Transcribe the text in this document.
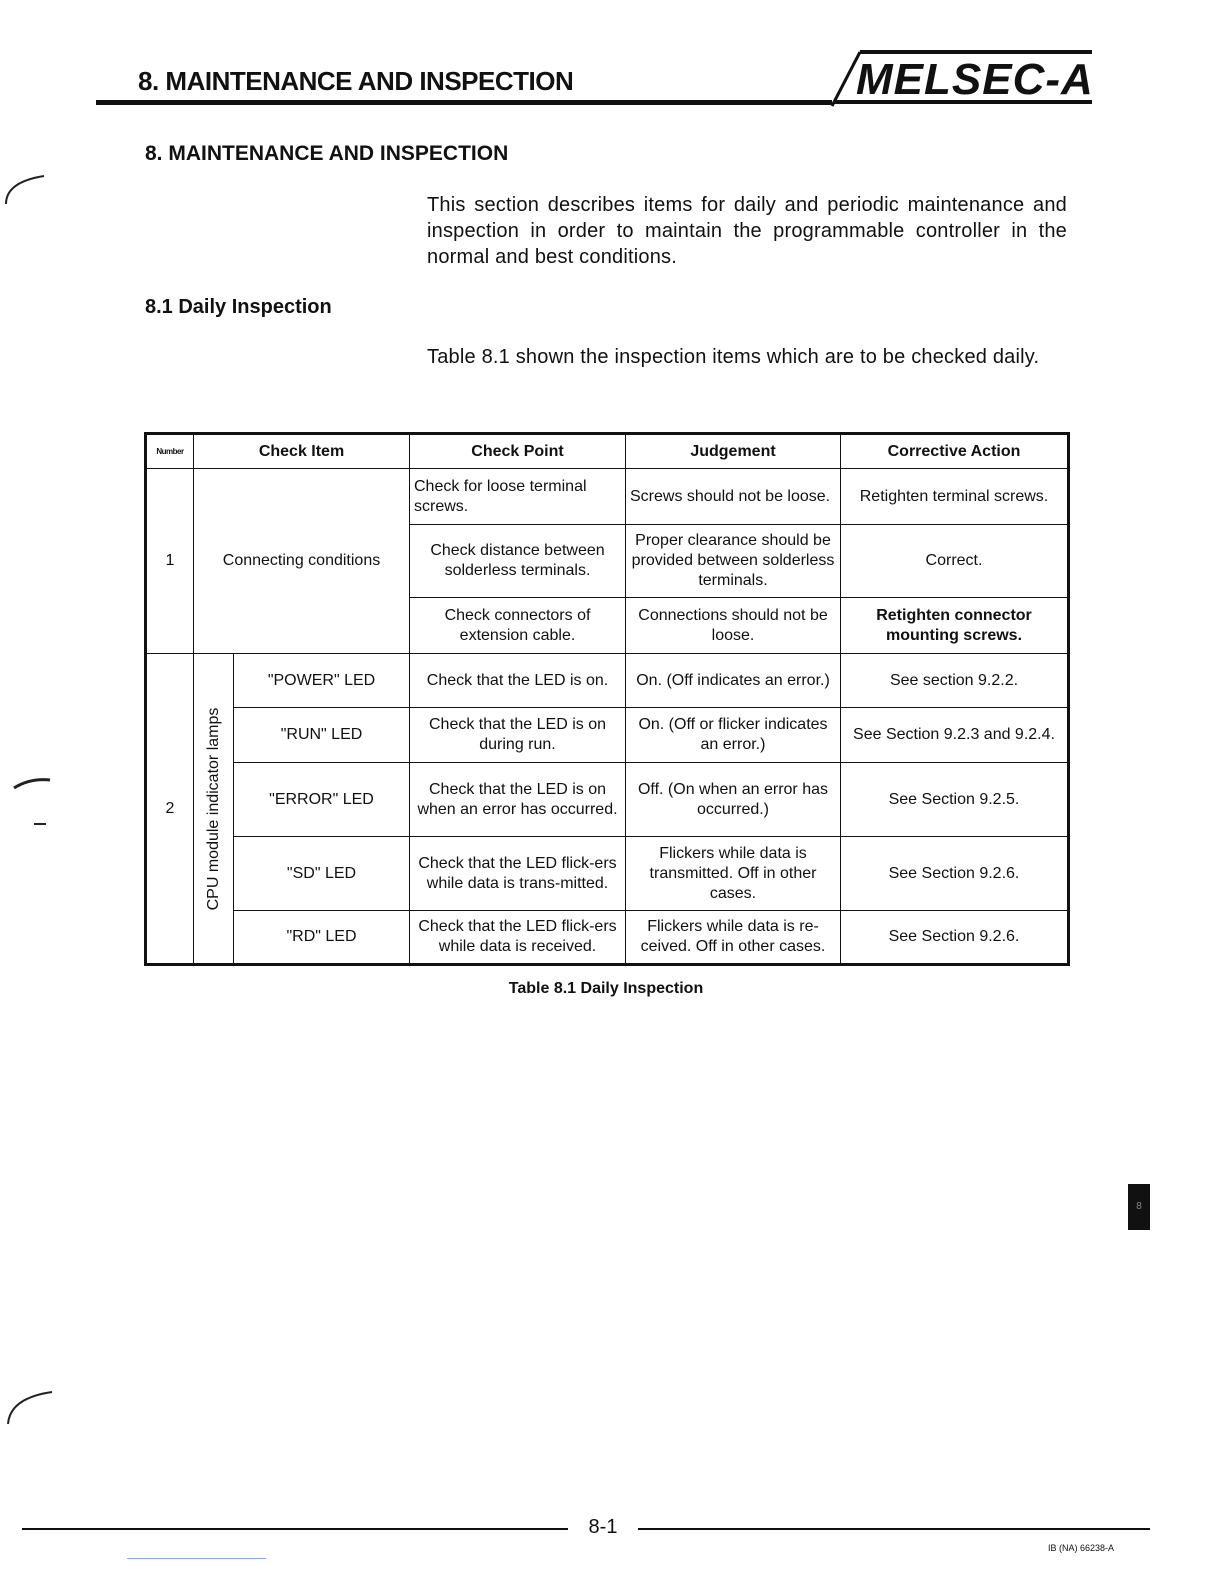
8. MAINTENANCE AND INSPECTION	MELSEC-A
8. MAINTENANCE AND INSPECTION
This section describes items for daily and periodic maintenance and inspection in order to maintain the programmable controller in the normal and best conditions.
8.1 Daily Inspection
Table 8.1 shown the inspection items which are to be checked daily.
Number	Check Item		Check Point	Judgement	Corrective Action
1	Connecting conditions		Check for loose terminal screws.	Screws should not be loose.	Retighten terminal screws.
			Check distance between solderless terminals.	Proper clearance should be provided between solderless terminals.	Correct.
			Check connectors of extension cable.	Connections should not be loose.	Retighten connector mounting screws.
2	CPU module indicator lamps	"POWER" LED	Check that the LED is on.	On. (Off indicates an error.)	See section 9.2.2.
		"RUN" LED	Check that the LED is on during run.	On. (Off or flicker indicates an error.)	See Section 9.2.3 and 9.2.4.
		"ERROR" LED	Check that the LED is on when an error has occurred.	Off. (On when an error has occurred.)	See Section 9.2.5.
		"SD" LED	Check that the LED flick-ers while data is trans-mitted.	Flickers while data is transmitted. Off in other cases.	See Section 9.2.6.
		"RD" LED	Check that the LED flick-ers while data is received.	Flickers while data is re-ceived. Off in other cases.	See Section 9.2.6.
Table 8.1 Daily Inspection
8
8-1
IB (NA) 66238-A
